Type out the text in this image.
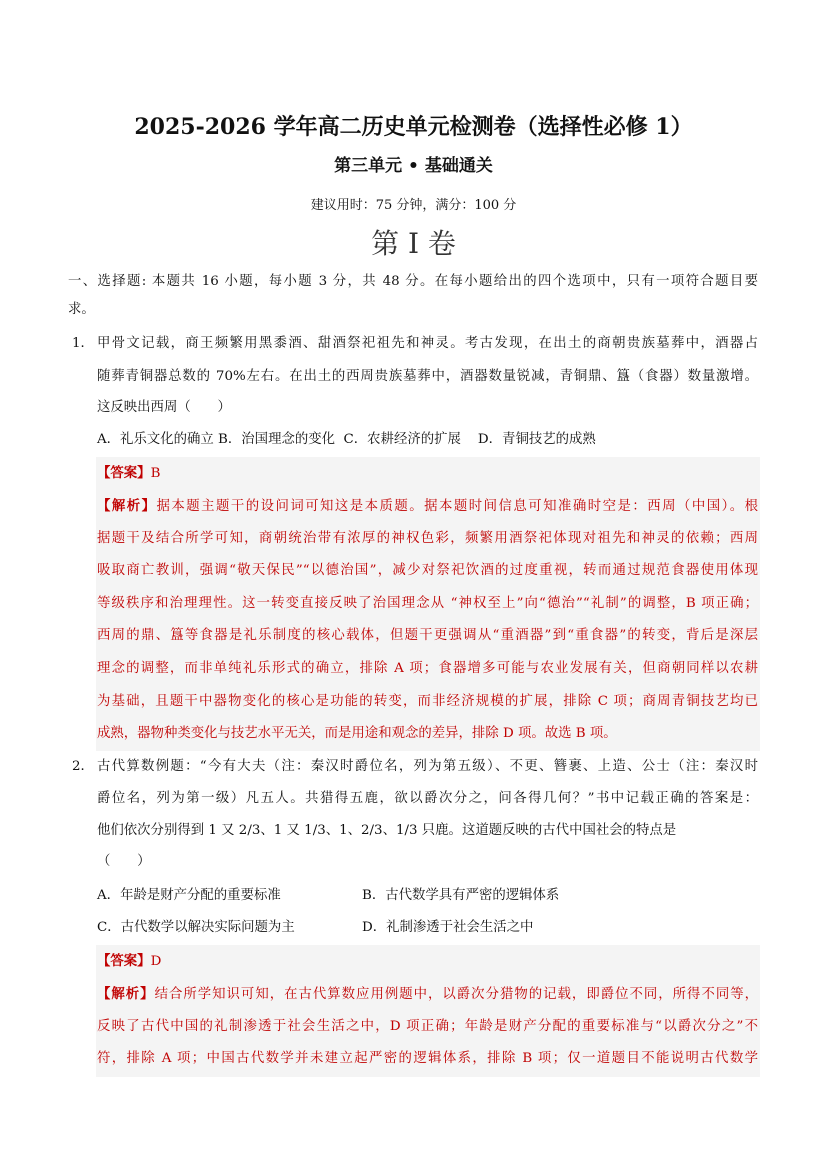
2025-2026 学年高二历史单元检测卷（选择性必修 1）
第三单元 • 基础通关
建议用时：75 分钟，满分：100 分
第 I 卷
一、选择题: 本题共 16 小题，每小题 3 分，共 48 分。在每小题给出的四个选项中，只有一项符合题目要
求。
1． 甲骨文记载，商王频繁用黑黍酒、甜酒祭祀祖先和神灵。考古发现，在出土的商朝贵族墓葬中，酒器占
随葬青铜器总数的 70%左右。在出土的西周贵族墓葬中，酒器数量锐减，青铜鼎、簋（食器）数量激增。
这反映出西周（　　）
A．礼乐文化的确立 B．治国理念的变化  C．农耕经济的扩展    D．青铜技艺的成熟
【答案】B
【解析】据本题主题干的设问词可知这是本质题。据本题时间信息可知准确时空是：西周（中国）。根
据题干及结合所学可知，商朝统治带有浓厚的神权色彩，频繁用酒祭祀体现对祖先和神灵的依赖；西周
吸取商亡教训，强调“敬天保民”“以德治国”，减少对祭祀饮酒的过度重视，转而通过规范食器使用体现
等级秩序和治理理性。这一转变直接反映了治国理念从 “神权至上”向“德治”“礼制”的调整，B 项正确；
西周的鼎、簋等食器是礼乐制度的核心载体，但题干更强调从“重酒器”到“重食器”的转变，背后是深层
理念的调整，而非单纯礼乐形式的确立，排除 A 项；食器增多可能与农业发展有关，但商朝同样以农耕
为基础，且题干中器物变化的核心是功能的转变，而非经济规模的扩展，排除 C 项；商周青铜技艺均已
成熟，器物种类变化与技艺水平无关，而是用途和观念的差异，排除 D 项。故选 B 项。
2． 古代算数例题：“今有大夫（注：秦汉时爵位名，列为第五级）、不更、簪裹、上造、公士（注：秦汉时
爵位名，列为第一级）凡五人。共猎得五鹿，欲以爵次分之，问各得几何？”书中记载正确的答案是：
他们依次分别得到 1 又 2/3、1 又 1/3、1、2/3、1/3 只鹿。这道题反映的古代中国社会的特点是
（　　）
A．年龄是财产分配的重要标准	B．古代数学具有严密的逻辑体系
C．古代数学以解决实际问题为主	D．礼制渗透于社会生活之中
【答案】D
【解析】结合所学知识可知，在古代算数应用例题中，以爵次分猎物的记载，即爵位不同，所得不同等，
反映了古代中国的礼制渗透于社会生活之中，D 项正确；年龄是财产分配的重要标准与“以爵次分之”不
符，排除 A 项；中国古代数学并未建立起严密的逻辑体系，排除 B 项；仅一道题目不能说明古代数学
